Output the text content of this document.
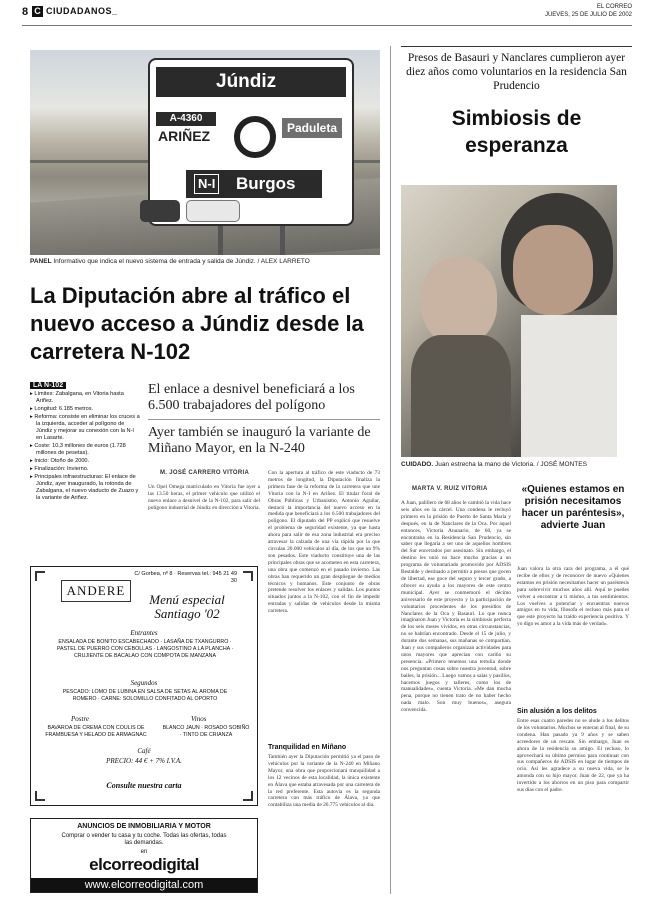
8 C CIUDADANOS_	EL CORREO
JUEVES, 25 DE JULIO DE 2002
Júndiz
A-4360
ARIÑEZ	Paduleta
N-I Burgos
PANEL Informativo que indica el nuevo sistema de entrada y salida de Júndiz. / ALEX LARRETO
La Diputación abre al tráfico el nuevo acceso a Júndiz desde la carretera N-102
LA N-102
▸ Límites: Zabalgana, en Vitoria hasta Ariñez.
▸ Longitud: 6.185 metros.
▸ Reforma: consiste en eliminar los cruces a la izquierda, acceder al polígono de Júndiz y mejorar su conexión con la N-I en Lasarte.
▸ Coste: 10,3 millones de euros (1.728 millones de pesetas).
▸ Inicio: Otoño de 2000.
▸ Finalización: Invierno.
▸ Principales infraestructuras: El enlace de Júndiz, ayer inaugurado, la rotonda de Zabalgana, el nuevo viaducto de Zuazo y la variante de Ariñez.
El enlace a desnivel beneficiará a los 6.500 trabajadores del polígono
Ayer también se inauguró la variante de Miñano Mayor, en la N-240
M. JOSÉ CARRERO VITORIA
Un Opel Omega matriculado en Vitoria fue ayer a las 13.50 horas, el primer vehículo que utilizó el nuevo enlace a desnivel de la N-102, para salir del polígono industrial de Júndiz en dirección a Vitoria.
Con la apertura al tráfico de este viaducto de 73 metros de longitud, la Diputación finaliza la primera fase de la reforma de la carretera que une Vitoria con la N-I en Ariñez. El titular foral de Obras Públicas y Urbanismo, Antonio Aguilar, destacó la importancia del nuevo acceso en la medida que beneficiará a los 6.500 trabajadores del polígono. El diputado del PP explicó que resuelve el problema de seguridad existente, ya que hasta ahora para salir de esa zona industrial era preciso atravesar la calzada de una vía rápida por la que circulan 20.000 vehículos al día, de los que un 9% son pesados. Este viaducto constituye una de las principales obras que se acometen en esta carretera, una obra que comenzó en el pasado invierno. Las obras han requerido un gran despliegue de medios técnicos y humanos. Este conjunto de obras pretende resolver los enlaces y salidas. Los puntos situados juntos a la N-102, con el fin de impedir entradas y salidas de vehículos desde la misma carretera.
Tranquilidad en Miñano
También ayer la Diputación permitió ya el paso de vehículos por la variante de la N-240 en Miñano Mayor, una obra que proporcionará tranquilidad a los 12 vecinos de esta localidad, la única existente en Álava que estaba atravesada por una carretera de la red preferente. Esta autovía es la segunda carretera con más tráfico de Álava, ya que contabiliza una media de 26.775 vehículos al día.
ANDERE
C/ Gorbea, nº 8 · Reservas tel.: 945 21 49 30
Menú especial Santiago '02
Entrantes
ENSALADA DE BONITO ESCABECHADO · LASAÑA DE TXANGURRO · PASTEL DE PUERRO CON CEBOLLAS · LANGOSTINO A LA PLANCHA · CRUJIENTE DE BACALAO CON COMPOTA DE MANZANA
Segundos
PESCADO: LOMO DE LUBINA EN SALSA DE SETAS AL AROMA DE ROMERO · CARNE: SOLOMILLO CONFITADO AL OPORTO
Postre
BAVAROA DE CREMA CON COULIS DE FRAMBUESA Y HELADO DE ARMAGNAC
Vinos
BLANCO JAUN · ROSADO SOBIÑO · TINTO DE CRIANZA
Café
PRECIO: 44 € + 7% I.V.A.
Consulte nuestra carta
ANUNCIOS DE INMOBILIARIA Y MOTOR
Comprar o vender tu casa y tu coche. Todas las ofertas, todas las demandas.
en
elcorreodigital
www.elcorreodigital.com
Presos de Basauri y Nanclares cumplieron ayer diez años como voluntarios en la residencia San Prudencio
Simbiosis de esperanza
CUIDADO. Juan estrecha la mano de Victoria. / JOSÉ MONTES
MARTA V. RUIZ VITORIA
A Juan, palillero de 68 años le cambió la vida hace seis años en la cárcel. Una condena le recluyó primero en la prisión de Puerto de Santa María y después, en la de Nanclares de la Oca. Por aquel entonces, Victoria Anunario, de 60, ya se encontraba en la Residencia San Prudencio, sin saber que llegaría a ser uno de aquellos hombres del Sur encerrados por asesinato. Sin embargo, el destino les unió no hace mucho gracias a un programa de voluntariado promovido por ADSIS Bestalde y destinado a permitir a presos que gocen de libertad, ese goce del seguro y tercer grado, a ofrecer su ayuda a los mayores de este centro municipal. Ayer se conmemoró el décimo aniversario de este proyecto y la participación de voluntarios procedentes de los presidios de Nanclares de la Oca y Basauri. Lo que nunca imaginaron Juan y Victoria es la simbiosis perfecta de los seis meses vividos, en otras circunstancias, no se habrían encontrado. Desde el 15 de julio, y durante dos semanas, sus mañanas se compartían. Juan y sus compañeros organizan actividades para unos mayores que aprecian con cariño su presencia. «Primero tenemos una tertulia donde nos preguntan cosas sobre nuestra juventud, sobre bailes, la prisión... Luego vamos a salas y pasillos, hacemos juegos y talleres, como los de manualidades», cuenta Victoria. «Me dan mucha pena, porque no tienen trato de no haber hecho nada malo. Son muy buenos», asegura convencida.
«Quienes estamos en prisión necesitamos hacer un paréntesis», advierte Juan
Juan valora la otra cara del programa, a él qué recibe de ellos y de reconocer de nuevo «Quienes estamos en prisión necesitamos hacer un paréntesis para sobrevivir muchos años allí. Aquí te puedes volver a encontrar a ti mismo, a tus sentimientos. Los vuelves a potenciar y encuentras nuevos amigos en tu vida, filosofa el recluso más para el que este proyecto ha traído experiencia positiva. Y yo digo es amor a la vida más de verdad».
Sin alusión a los delitos
Entre esas cuatro paredes no se alude a los delitos de los voluntarios. Muchos se enteran al final, de su condena. Han pasado ya 9 años y se saben acreedores de un rescate. Sin embargo, Juan es ahora de la residencia su amigo. El recluso, lo aprovechará su último permiso para continuar con sus compañeros de ADSIS en lugar de tiempos de ocio. Así les agradece a su nueva vida, se le amonda con su hijo mayor. Juan de 22, que ya ha invertido a los ahorros en un piso para compartir sus días con el padre.
